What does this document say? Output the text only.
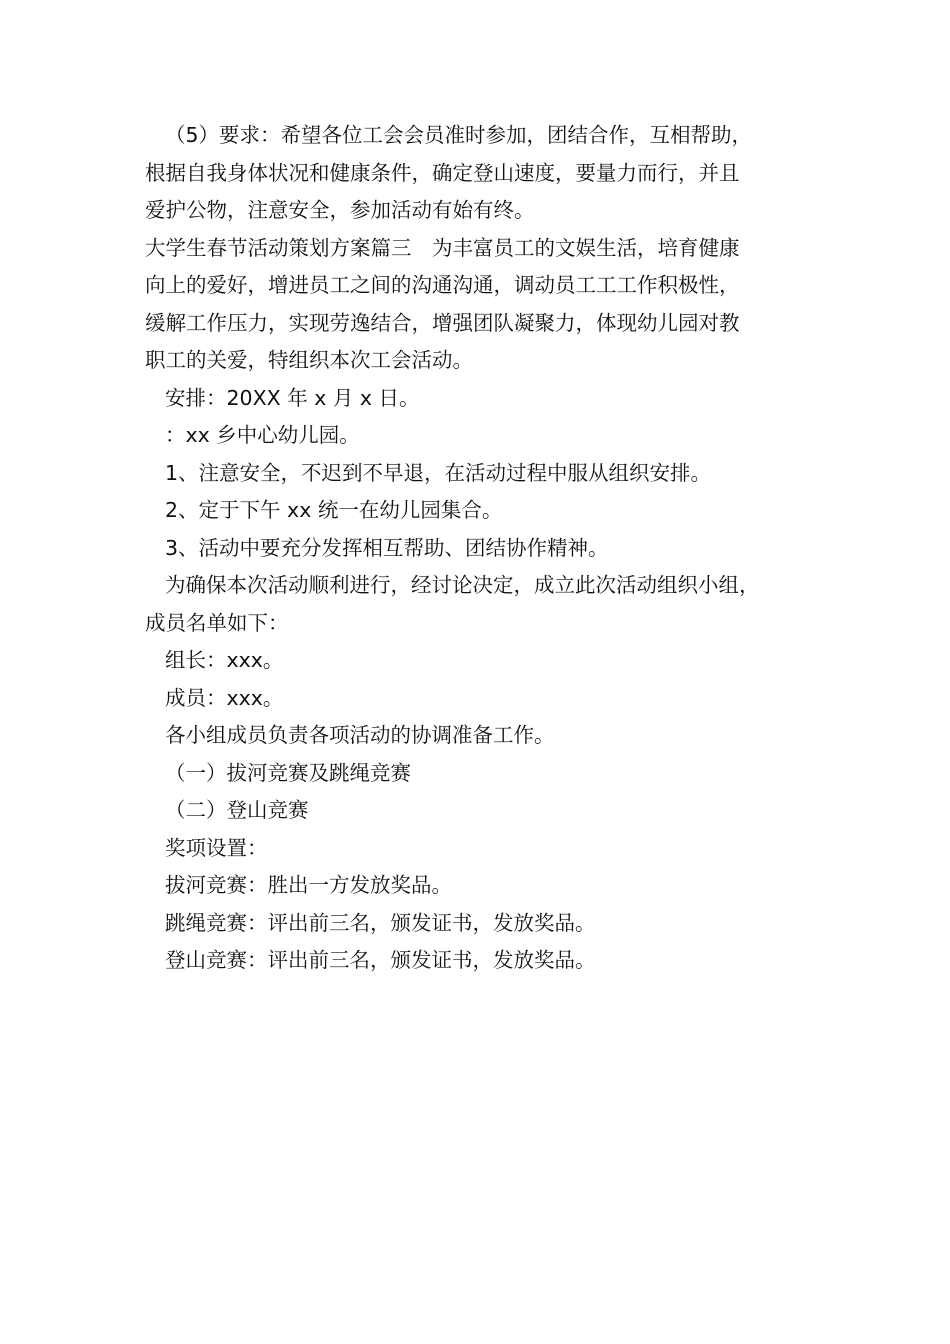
（5）要求：希望各位工会会员准时参加，团结合作，互相帮助，
根据自我身体状况和健康条件，确定登山速度，要量力而行，并且
爱护公物，注意安全，参加活动有始有终。
大学生春节活动策划方案篇三　为丰富员工的文娱生活，培育健康
向上的爱好，增进员工之间的沟通沟通，调动员工工工作积极性，
缓解工作压力，实现劳逸结合，增强团队凝聚力，体现幼儿园对教
职工的关爱，特组织本次工会活动。
安排：20XX 年 x 月 x 日。
：xx 乡中心幼儿园。
1、注意安全，不迟到不早退，在活动过程中服从组织安排。
2、定于下午 xx 统一在幼儿园集合。
3、活动中要充分发挥相互帮助、团结协作精神。
为确保本次活动顺利进行，经讨论决定，成立此次活动组织小组，
成员名单如下：
组长：xxx。
成员：xxx。
各小组成员负责各项活动的协调准备工作。
（一）拔河竞赛及跳绳竞赛
（二）登山竞赛
奖项设置：
拔河竞赛：胜出一方发放奖品。
跳绳竞赛：评出前三名，颁发证书，发放奖品。
登山竞赛：评出前三名，颁发证书，发放奖品。
